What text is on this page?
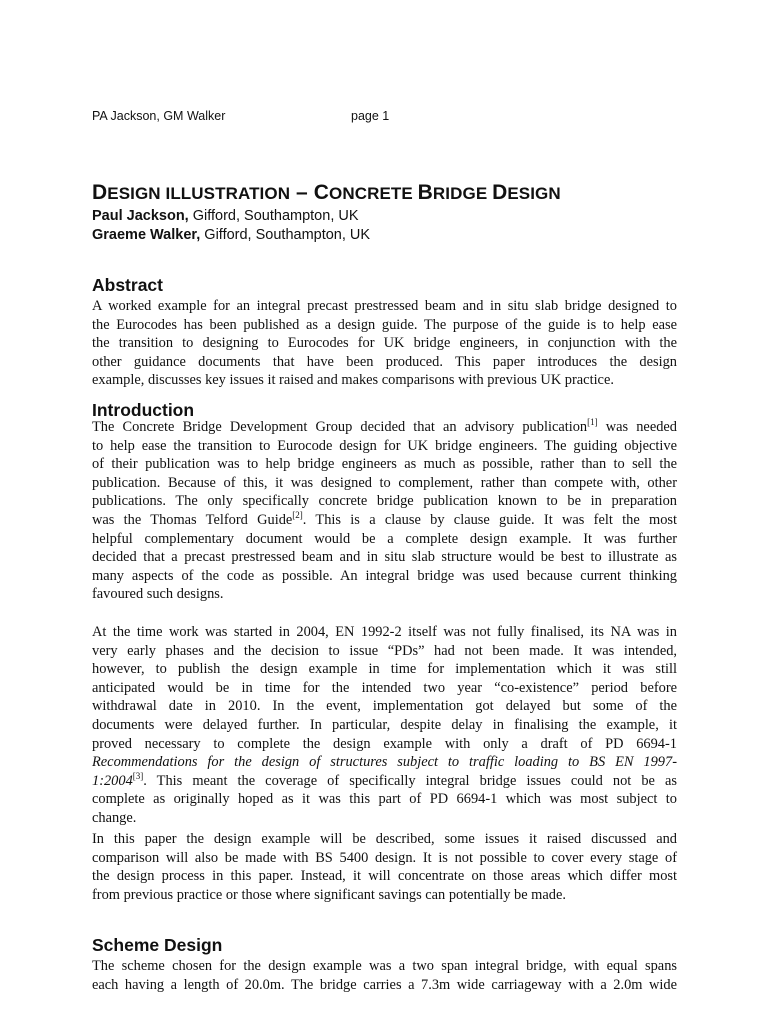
PA Jackson, GM Walker	page 1
DESIGN ILLUSTRATION – CONCRETE BRIDGE DESIGN
Paul Jackson, Gifford, Southampton, UK
Graeme Walker, Gifford, Southampton, UK
Abstract
A worked example for an integral precast prestressed beam and in situ slab bridge designed to
the Eurocodes has been published as a design guide. The purpose of the guide is to help ease
the transition to designing to Eurocodes for UK bridge engineers, in conjunction with the
other guidance documents that have been produced. This paper introduces the design
example, discusses key issues it raised and makes comparisons with previous UK practice.
Introduction
The Concrete Bridge Development Group decided that an advisory publication[1] was needed
to help ease the transition to Eurocode design for UK bridge engineers. The guiding objective
of their publication was to help bridge engineers as much as possible, rather than to sell the
publication. Because of this, it was designed to complement, rather than compete with, other
publications. The only specifically concrete bridge publication known to be in preparation
was the Thomas Telford Guide[2]. This is a clause by clause guide. It was felt the most
helpful complementary document would be a complete design example. It was further
decided that a precast prestressed beam and in situ slab structure would be best to illustrate as
many aspects of the code as possible. An integral bridge was used because current thinking
favoured such designs.
At the time work was started in 2004, EN 1992-2 itself was not fully finalised, its NA was in
very early phases and the decision to issue “PDs” had not been made. It was intended,
however, to publish the design example in time for implementation which it was still
anticipated would be in time for the intended two year “co-existence” period before
withdrawal date in 2010. In the event, implementation got delayed but some of the
documents were delayed further. In particular, despite delay in finalising the example, it
proved necessary to complete the design example with only a draft of PD 6694-1
Recommendations for the design of structures subject to traffic loading to BS EN 1997-
1:2004[3]. This meant the coverage of specifically integral bridge issues could not be as
complete as originally hoped as it was this part of PD 6694-1 which was most subject to
change.
In this paper the design example will be described, some issues it raised discussed and
comparison will also be made with BS 5400 design. It is not possible to cover every stage of
the design process in this paper. Instead, it will concentrate on those areas which differ most
from previous practice or those where significant savings can potentially be made.
Scheme Design
The scheme chosen for the design example was a two span integral bridge, with equal spans
each having a length of 20.0m. The bridge carries a 7.3m wide carriageway with a 2.0m wide
